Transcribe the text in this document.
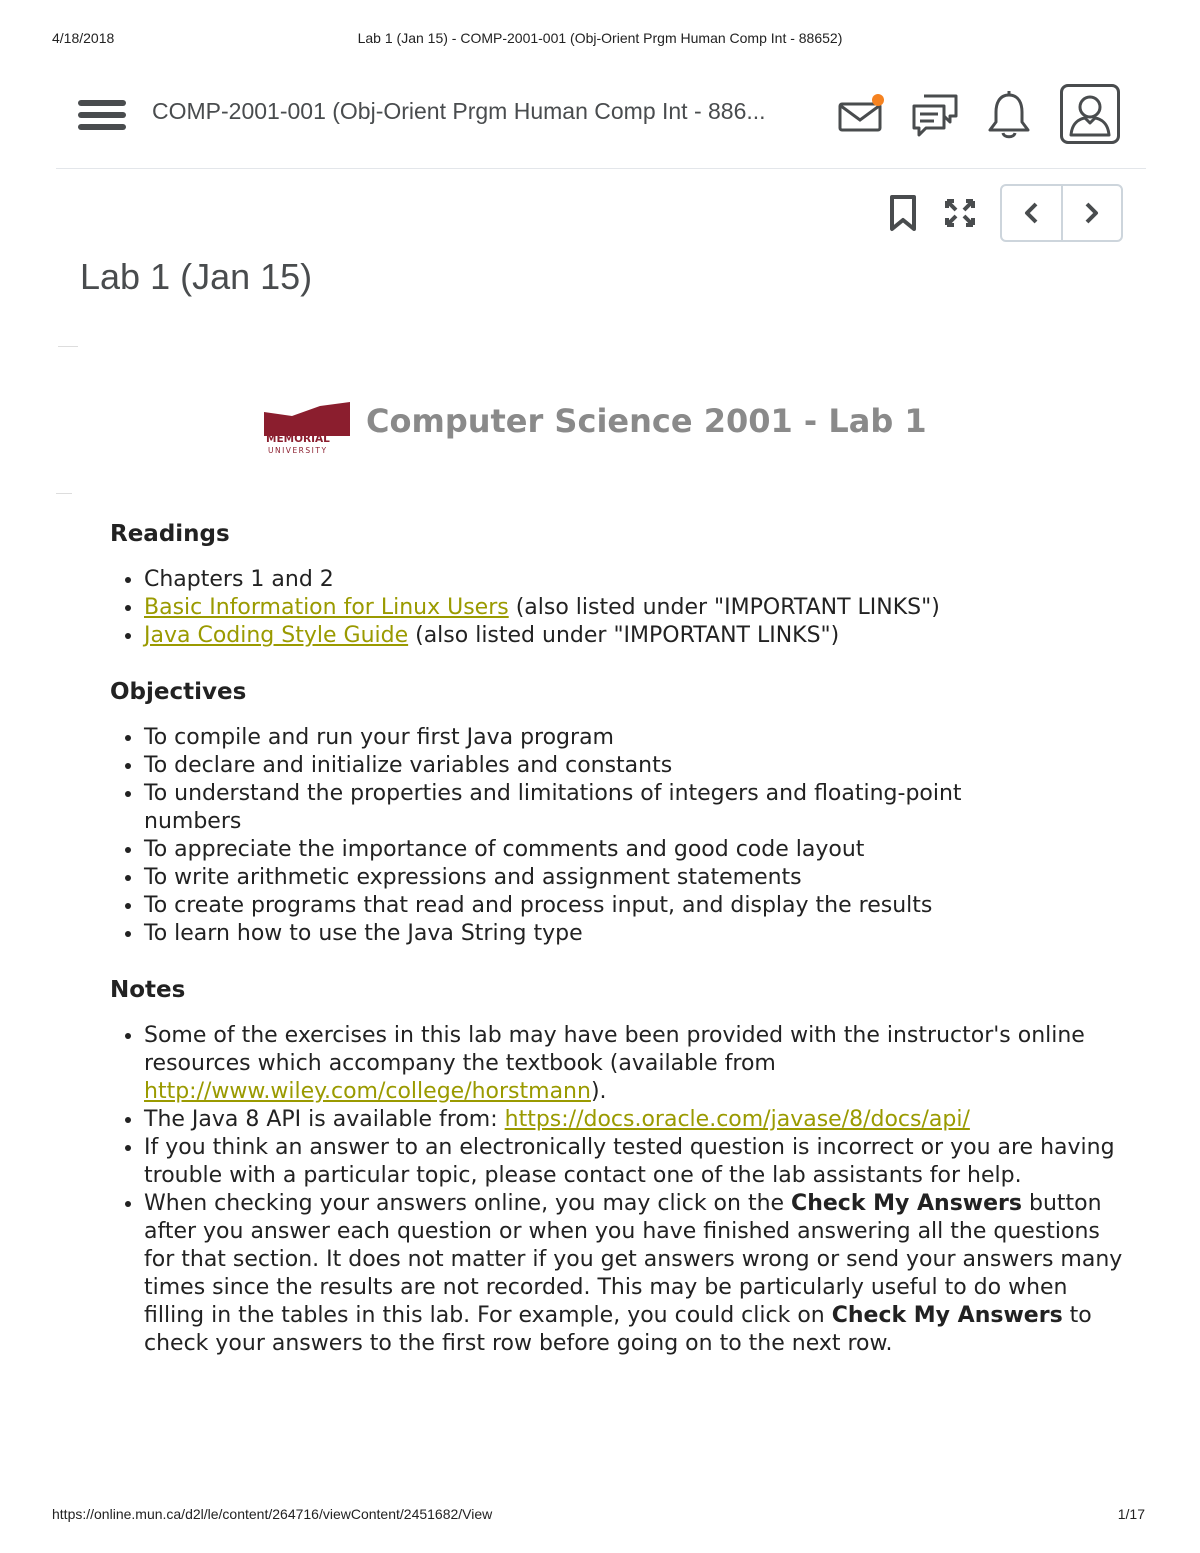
4/18/2018	Lab 1 (Jan 15) - COMP-2001-001 (Obj-Orient Prgm Human Comp Int - 88652)
https://online.mun.ca/d2l/le/content/264716/viewContent/2451682/View	1/17
COMP-2001-001 (Obj-Orient Prgm Human Comp Int - 886...
Lab 1 (Jan 15)
MEMORIAL
UNIVERSITY
Computer Science 2001 - Lab 1
Readings
• Chapters 1 and 2
• Basic Information for Linux Users (also listed under "IMPORTANT LINKS")
• Java Coding Style Guide (also listed under "IMPORTANT LINKS")
Objectives
• To compile and run your first Java program
• To declare and initialize variables and constants
• To understand the properties and limitations of integers and floating-point numbers
• To appreciate the importance of comments and good code layout
• To write arithmetic expressions and assignment statements
• To create programs that read and process input, and display the results
• To learn how to use the Java String type
Notes
• Some of the exercises in this lab may have been provided with the instructor's online resources which accompany the textbook (available from http://www.wiley.com/college/horstmann).
• The Java 8 API is available from: https://docs.oracle.com/javase/8/docs/api/
• If you think an answer to an electronically tested question is incorrect or you are having trouble with a particular topic, please contact one of the lab assistants for help.
• When checking your answers online, you may click on the Check My Answers button after you answer each question or when you have finished answering all the questions for that section. It does not matter if you get answers wrong or send your answers many times since the results are not recorded. This may be particularly useful to do when filling in the tables in this lab. For example, you could click on Check My Answers to check your answers to the first row before going on to the next row.
